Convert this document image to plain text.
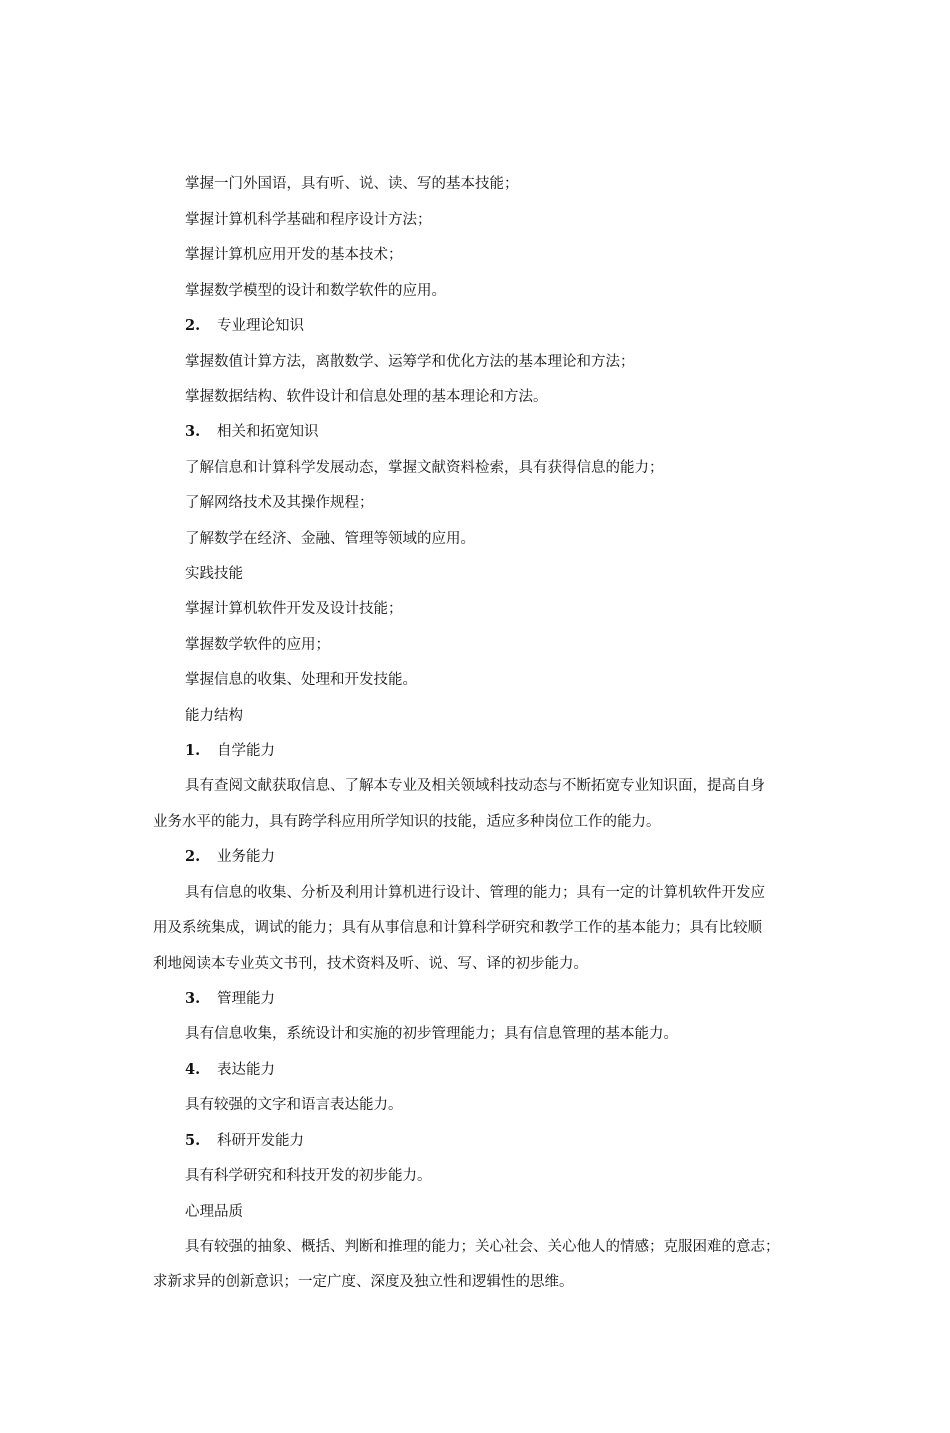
掌握一门外国语，具有听、说、读、写的基本技能；
掌握计算机科学基础和程序设计方法；
掌握计算机应用开发的基本技术；
掌握数学模型的设计和数学软件的应用。
2. 专业理论知识
掌握数值计算方法，离散数学、运筹学和优化方法的基本理论和方法；
掌握数据结构、软件设计和信息处理的基本理论和方法。
3. 相关和拓宽知识
了解信息和计算科学发展动态，掌握文献资料检索，具有获得信息的能力；
了解网络技术及其操作规程；
了解数学在经济、金融、管理等领域的应用。
实践技能
掌握计算机软件开发及设计技能；
掌握数学软件的应用；
掌握信息的收集、处理和开发技能。
能力结构
1. 自学能力
具有查阅文献获取信息、了解本专业及相关领域科技动态与不断拓宽专业知识面，提高自身
业务水平的能力，具有跨学科应用所学知识的技能，适应多种岗位工作的能力。
2. 业务能力
具有信息的收集、分析及利用计算机进行设计、管理的能力；具有一定的计算机软件开发应
用及系统集成，调试的能力；具有从事信息和计算科学研究和教学工作的基本能力；具有比较顺
利地阅读本专业英文书刊，技术资料及听、说、写、译的初步能力。
3. 管理能力
具有信息收集，系统设计和实施的初步管理能力；具有信息管理的基本能力。
4. 表达能力
具有较强的文字和语言表达能力。
5. 科研开发能力
具有科学研究和科技开发的初步能力。
心理品质
具有较强的抽象、概括、判断和推理的能力；关心社会、关心他人的情感；克服困难的意志；
求新求异的创新意识；一定广度、深度及独立性和逻辑性的思维。
